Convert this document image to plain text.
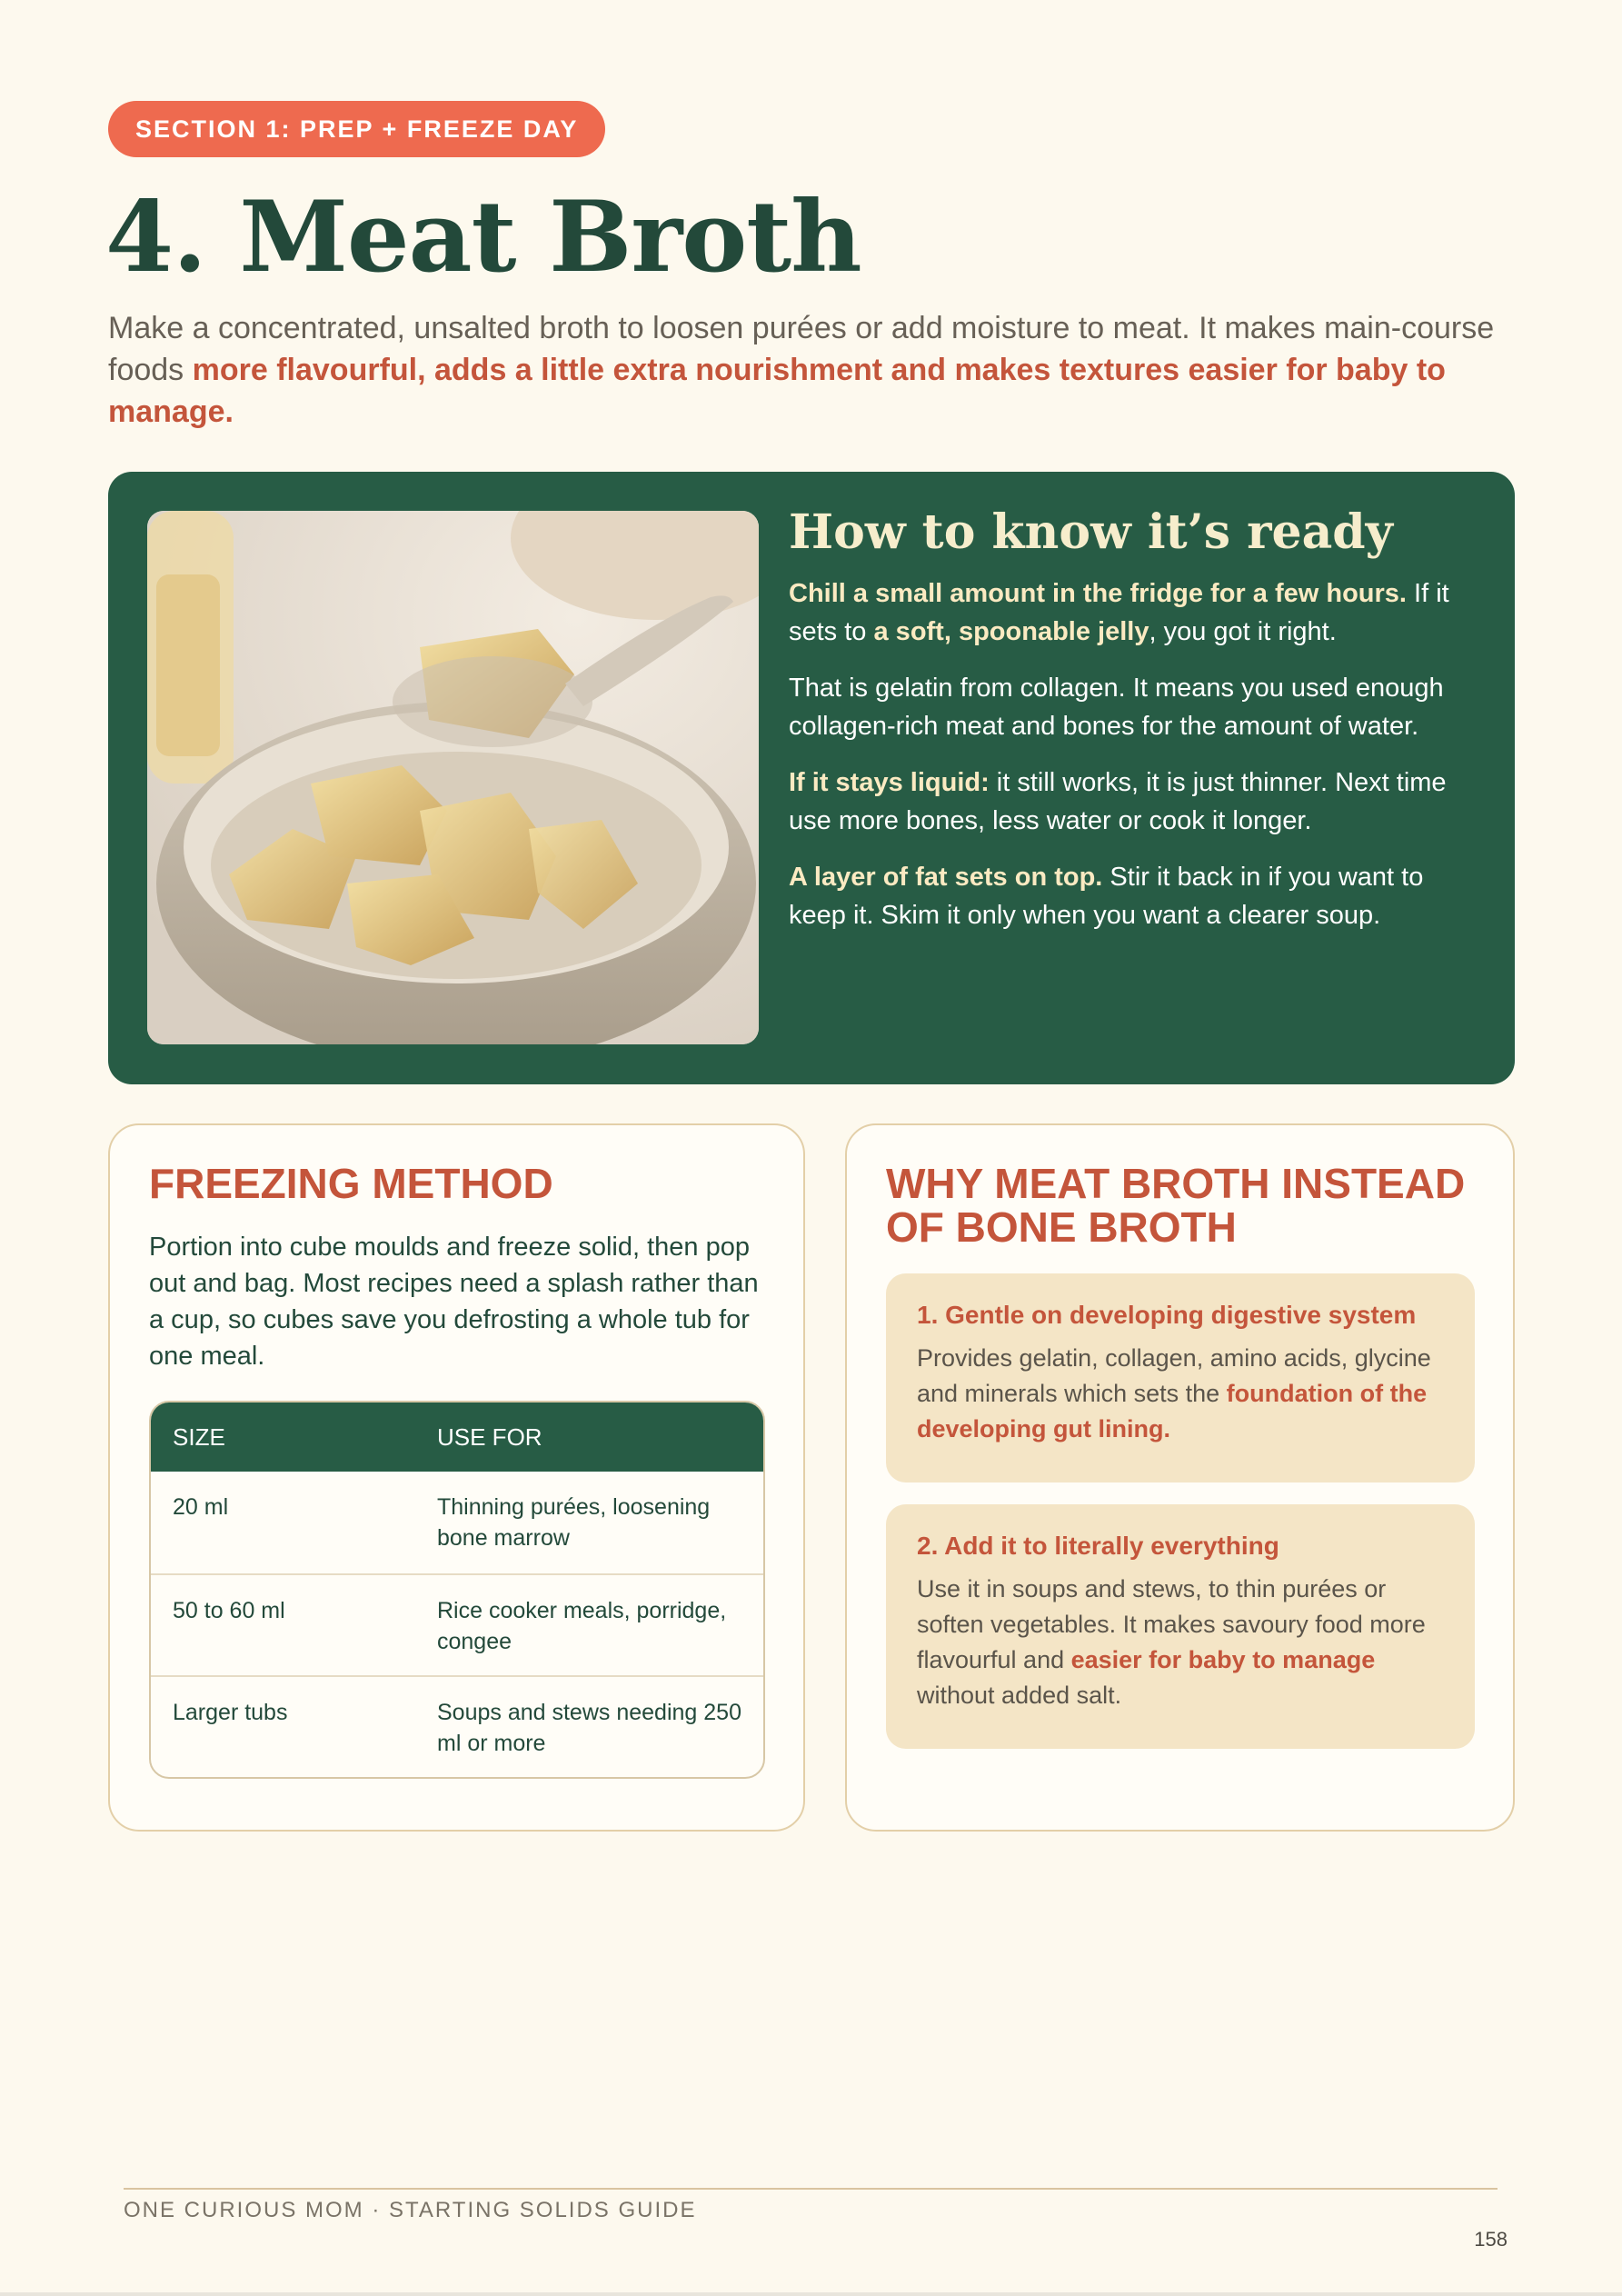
SECTION 1: PREP + FREEZE DAY
4. Meat Broth

Make a concentrated, unsalted broth to loosen purées or add moisture to meat. It makes main-course foods more flavourful, adds a little extra nourishment and makes textures easier for baby to manage.

How to know it’s ready

Chill a small amount in the fridge for a few hours. If it sets to a soft, spoonable jelly, you got it right.

That is gelatin from collagen. It means you used enough collagen-rich meat and bones for the amount of water.

If it stays liquid: it still works, it is just thinner. Next time use more bones, less water or cook it longer.

A layer of fat sets on top. Stir it back in if you want to keep it. Skim it only when you want a clearer soup.

FREEZING METHOD

Portion into cube moulds and freeze solid, then pop out and bag. Most recipes need a splash rather than a cup, so cubes save you defrosting a whole tub for one meal.

SIZE	USE FOR
20 ml	Thinning purées, loosening bone marrow
50 to 60 ml	Rice cooker meals, porridge, congee
Larger tubs	Soups and stews needing 250 ml or more
WHY MEAT BROTH INSTEAD OF BONE BROTH
1. Gentle on developing digestive system

Provides gelatin, collagen, amino acids, glycine and minerals which sets the foundation of the developing gut lining.

2. Add it to literally everything

Use it in soups and stews, to thin purées or soften vegetables. It makes savoury food more flavourful and easier for baby to manage without added salt.

ONE CURIOUS MOM · STARTING SOLIDS GUIDE
158
